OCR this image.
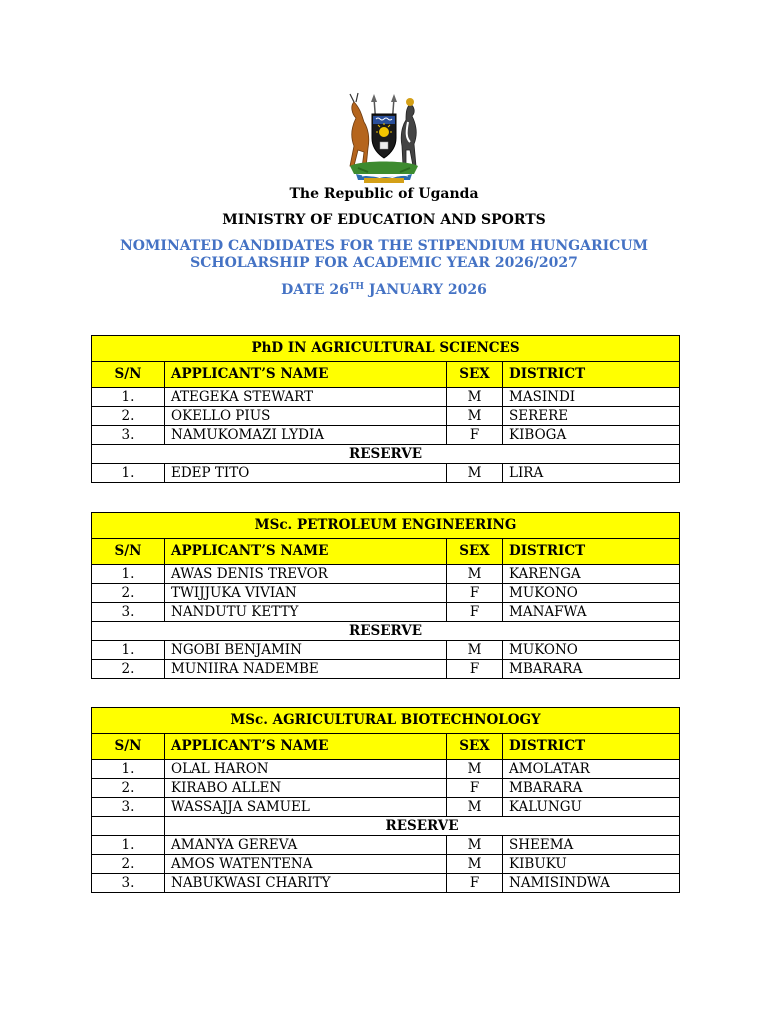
The Republic of Uganda
MINISTRY OF EDUCATION AND SPORTS
NOMINATED CANDIDATES FOR THE STIPENDIUM HUNGARICUM
SCHOLARSHIP FOR ACADEMIC YEAR 2026/2027
DATE 26TH JANUARY 2026
PhD IN AGRICULTURAL SCIENCES			
S/N	APPLICANT’S NAME	SEX	DISTRICT
1.	ATEGEKA STEWART	M	MASINDI
2.	OKELLO PIUS	M	SERERE
3.	NAMUKOMAZI LYDIA	F	KIBOGA
RESERVE			
1.	EDEP TITO	M	LIRA
MSc. PETROLEUM ENGINEERING			
S/N	APPLICANT’S NAME	SEX	DISTRICT
1.	AWAS DENIS TREVOR	M	KARENGA
2.	TWIJJUKA VIVIAN	F	MUKONO
3.	NANDUTU KETTY	F	MANAFWA
RESERVE			
1.	NGOBI BENJAMIN	M	MUKONO
2.	MUNIIRA NADEMBE	F	MBARARA
MSc. AGRICULTURAL BIOTECHNOLOGY			
S/N	APPLICANT’S NAME	SEX	DISTRICT
1.	OLAL HARON	M	AMOLATAR
2.	KIRABO ALLEN	F	MBARARA
3.	WASSAJJA SAMUEL	M	KALUNGU
	RESERVE		
1.	AMANYA GEREVA	M	SHEEMA
2.	AMOS WATENTENA	M	KIBUKU
3.	NABUKWASI CHARITY	F	NAMISINDWA
